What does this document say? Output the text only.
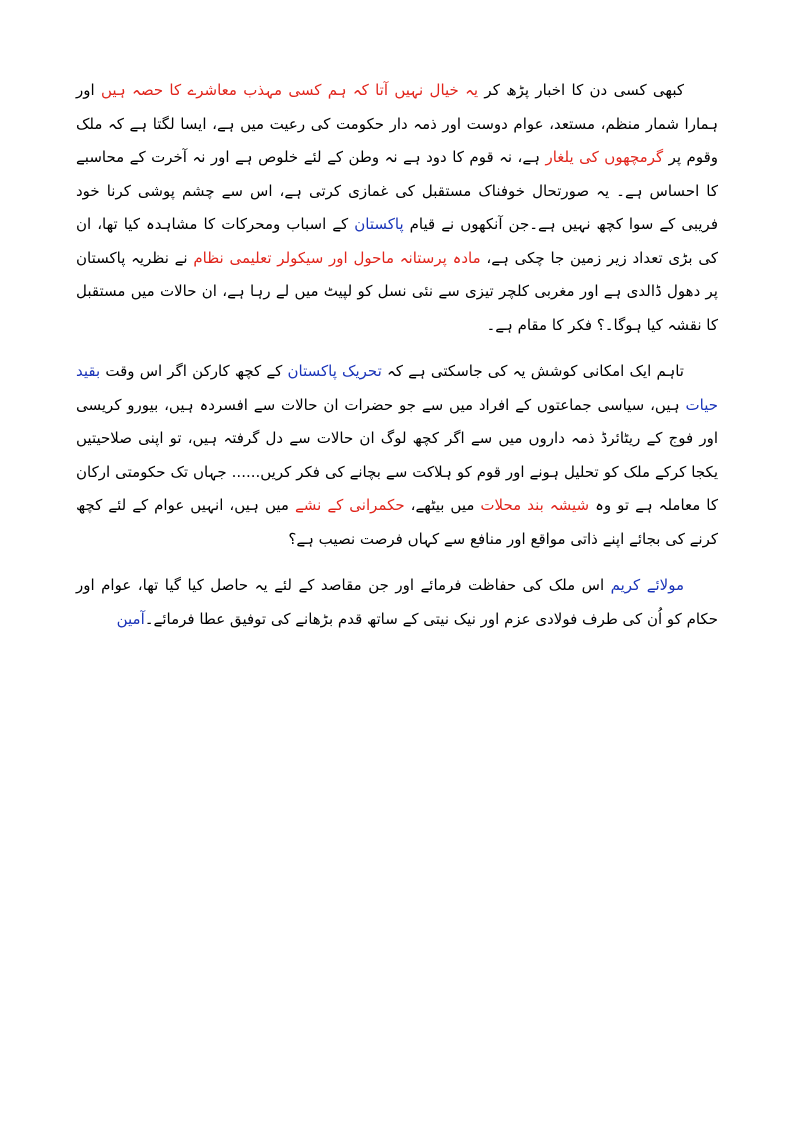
کبھی کسی دن کا اخبار پڑھ کر یہ خیال نہیں آتا کہ ہم کسی مہذب معاشرے کا حصہ ہیں اور ہمارا شمار منظم، مستعد، عوام دوست اور ذمہ دار حکومت کی رعیت میں ہے، ایسا لگتا ہے کہ ملک وقوم پر گرمچھوں کی یلغار ہے، نہ قوم کا دود ہے نہ وطن کے لئے خلوص ہے اور نہ آخرت کے محاسبے کا احساس ہے۔ یہ صورتحال خوفناک مستقبل کی غمازی کرتی ہے، اس سے چشم پوشی کرنا خود فریبی کے سوا کچھ نہیں ہے۔جن آنکھوں نے قیام پاکستان کے اسباب ومحرکات کا مشاہدہ کیا تھا، ان کی بڑی تعداد زیر زمین جا چکی ہے، مادہ پرستانہ ماحول اور سیکولر تعلیمی نظام نے نظریہ پاکستان پر دھول ڈالدی ہے اور مغربی کلچر تیزی سے نئی نسل کو لپیٹ میں لے رہا ہے، ان حالات میں مستقبل کا نقشہ کیا ہوگا۔؟ فکر کا مقام ہے۔

تاہم ایک امکانی کوشش یہ کی جاسکتی ہے کہ تحریک پاکستان کے کچھ کارکن اگر اس وقت بقید حیات ہیں، سیاسی جماعتوں کے افراد میں سے جو حضرات ان حالات سے افسردہ ہیں، بیورو کریسی اور فوج کے ریٹائرڈ ذمہ داروں میں سے اگر کچھ لوگ ان حالات سے دل گرفتہ ہیں، تو اپنی صلاحیتیں یکجا کرکے ملک کو تحلیل ہونے اور قوم کو ہلاکت سے بچانے کی فکر کریں...... جہاں تک حکومتی ارکان کا معاملہ ہے تو وہ شیشہ بند محلات میں بیٹھے، حکمرانی کے نشے میں ہیں، انہیں عوام کے لئے کچھ کرنے کی بجائے اپنے ذاتی مواقع اور منافع سے کہاں فرصت نصیب ہے؟

مولائے کریم اس ملک کی حفاظت فرمائے اور جن مقاصد کے لئے یہ حاصل کیا گیا تھا، عوام اور حکام کو اُن کی طرف فولادی عزم اور نیک نیتی کے ساتھ قدم بڑھانے کی توفیق عطا فرمائے۔آمین
